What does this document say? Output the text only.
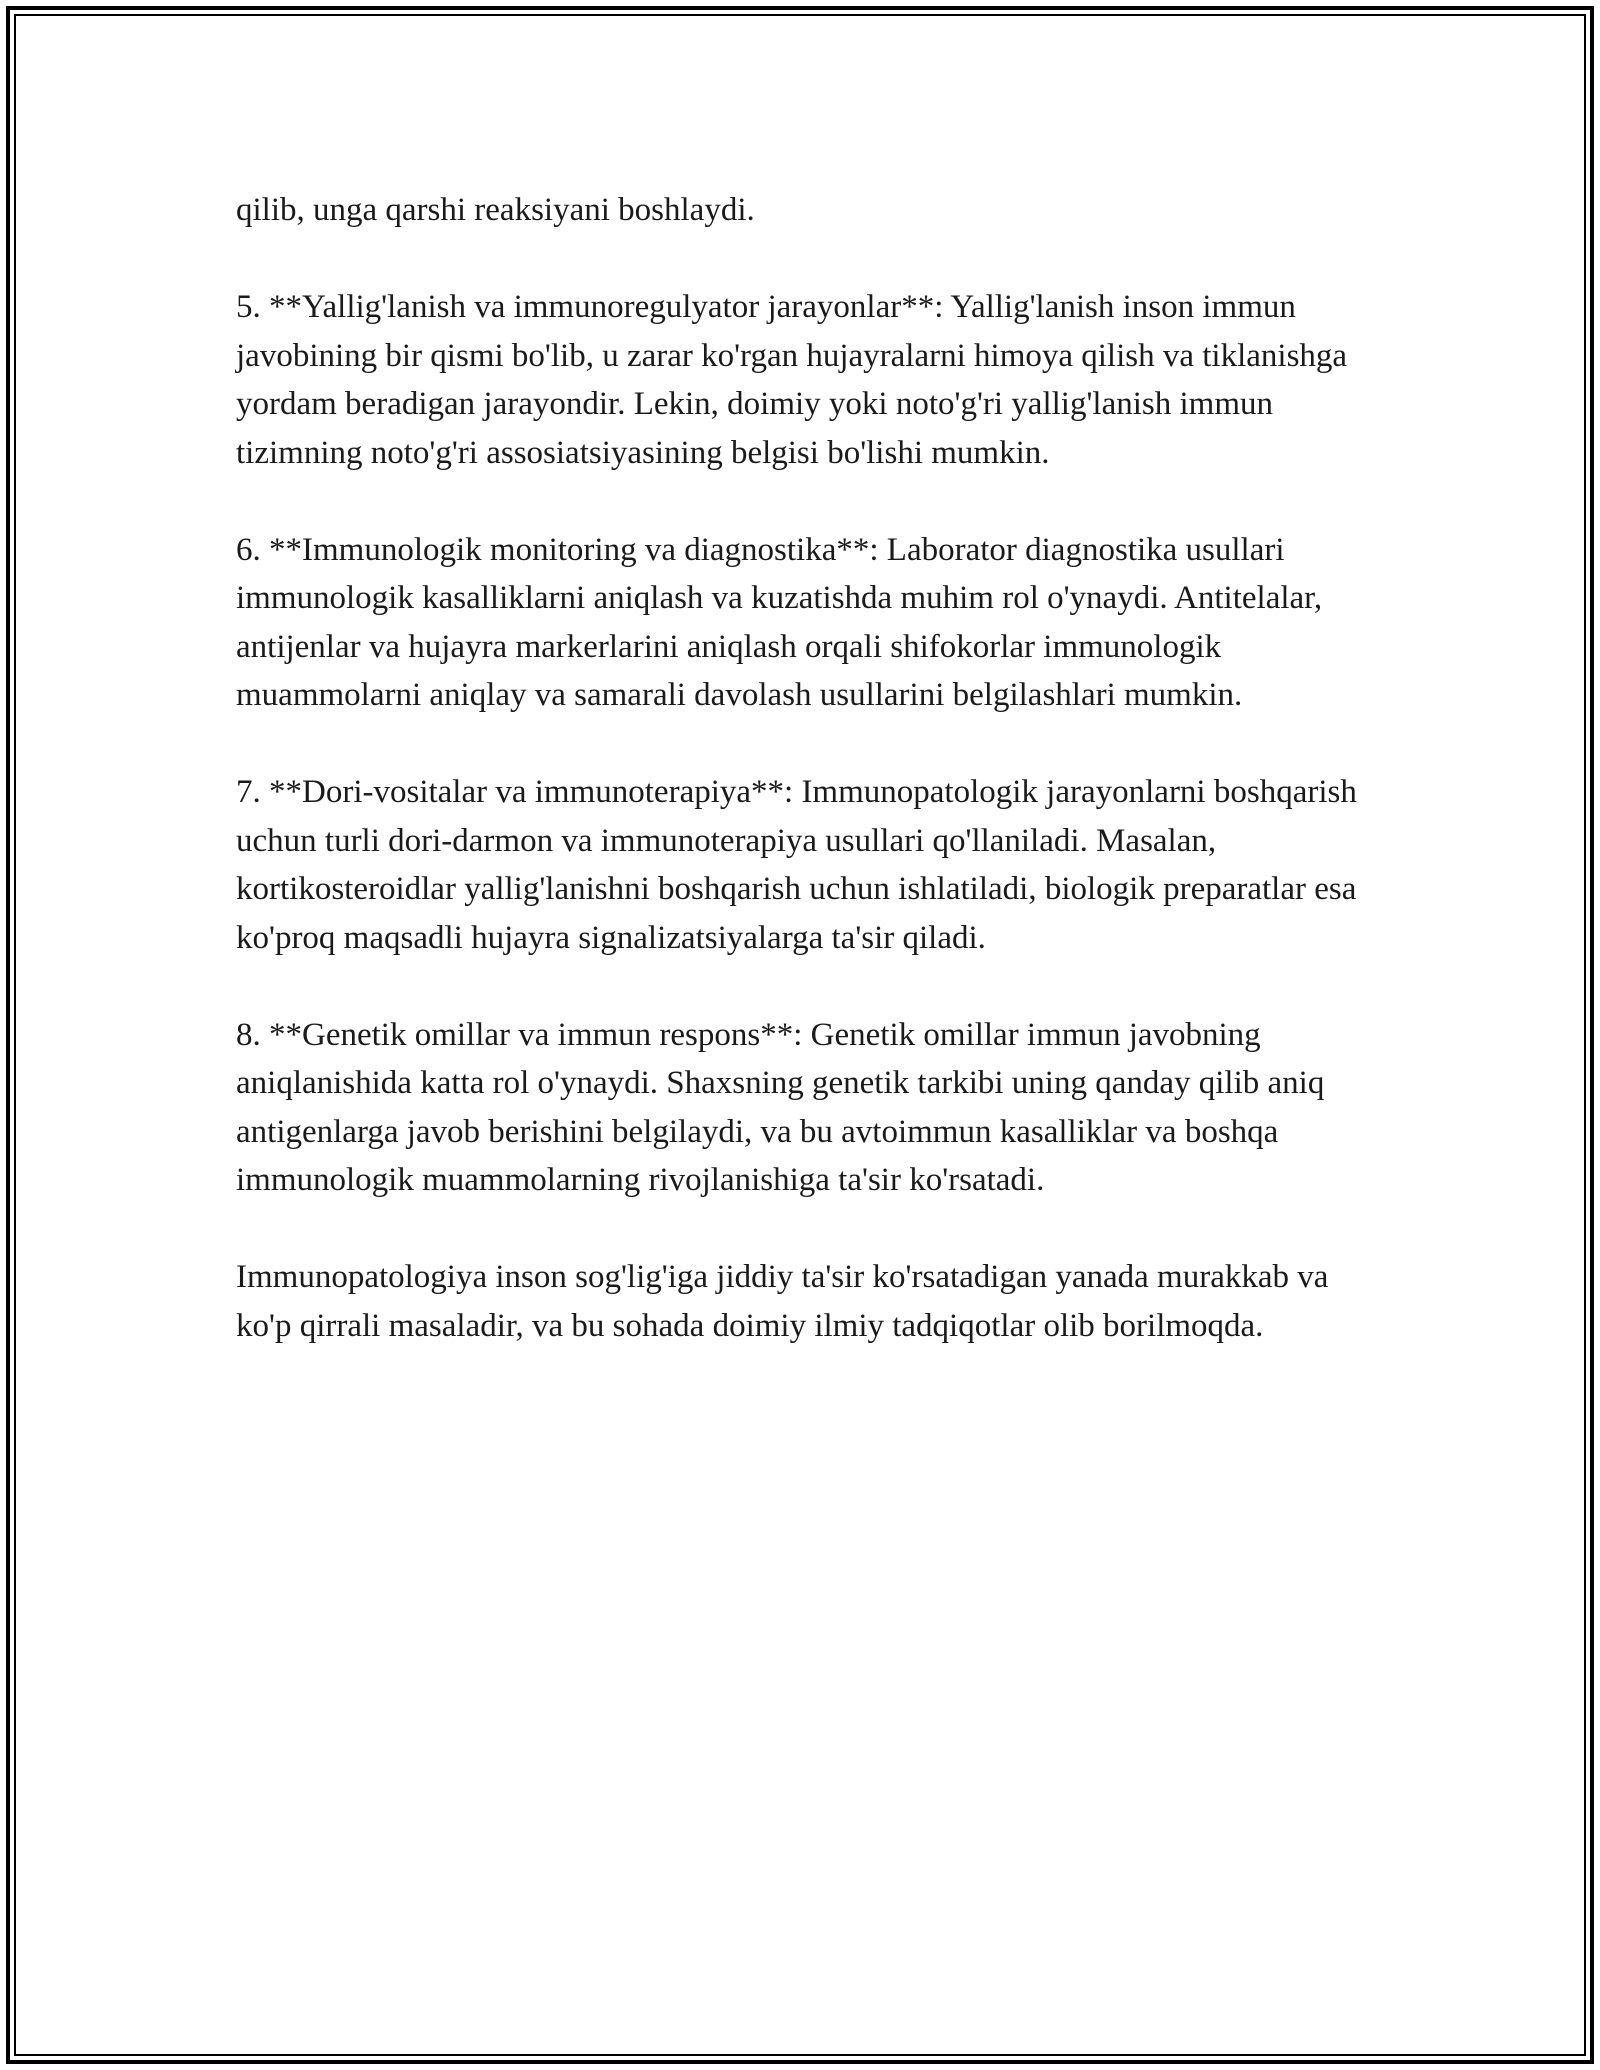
qilib, unga qarshi reaksiyani boshlaydi.

5. **Yallig'lanish va immunoregulyator jarayonlar**: Yallig'lanish inson immun javobining bir qismi bo'lib, u zarar ko'rgan hujayralarni himoya qilish va tiklanishga yordam beradigan jarayondir. Lekin, doimiy yoki noto'g'ri yallig'lanish immun tizimning noto'g'ri assosiatsiyasining belgisi bo'lishi mumkin.

6. **Immunologik monitoring va diagnostika**: Laborator diagnostika usullari immunologik kasalliklarni aniqlash va kuzatishda muhim rol o'ynaydi. Antitelalar, antijenlar va hujayra markerlarini aniqlash orqali shifokorlar immunologik muammolarni aniqlay va samarali davolash usullarini belgilashlari mumkin.

7. **Dori-vositalar va immunoterapiya**: Immunopatologik jarayonlarni boshqarish uchun turli dori-darmon va immunoterapiya usullari qo'llaniladi. Masalan, kortikosteroidlar yallig'lanishni boshqarish uchun ishlatiladi, biologik preparatlar esa ko'proq maqsadli hujayra signalizatsiyalarga ta'sir qiladi.

8. **Genetik omillar va immun respons**: Genetik omillar immun javobning aniqlanishida katta rol o'ynaydi. Shaxsning genetik tarkibi uning qanday qilib aniq antigenlarga javob berishini belgilaydi, va bu avtoimmun kasalliklar va boshqa immunologik muammolarning rivojlanishiga ta'sir ko'rsatadi.

Immunopatologiya inson sog'lig'iga jiddiy ta'sir ko'rsatadigan yanada murakkab va ko'p qirrali masaladir, va bu sohada doimiy ilmiy tadqiqotlar olib borilmoqda.
